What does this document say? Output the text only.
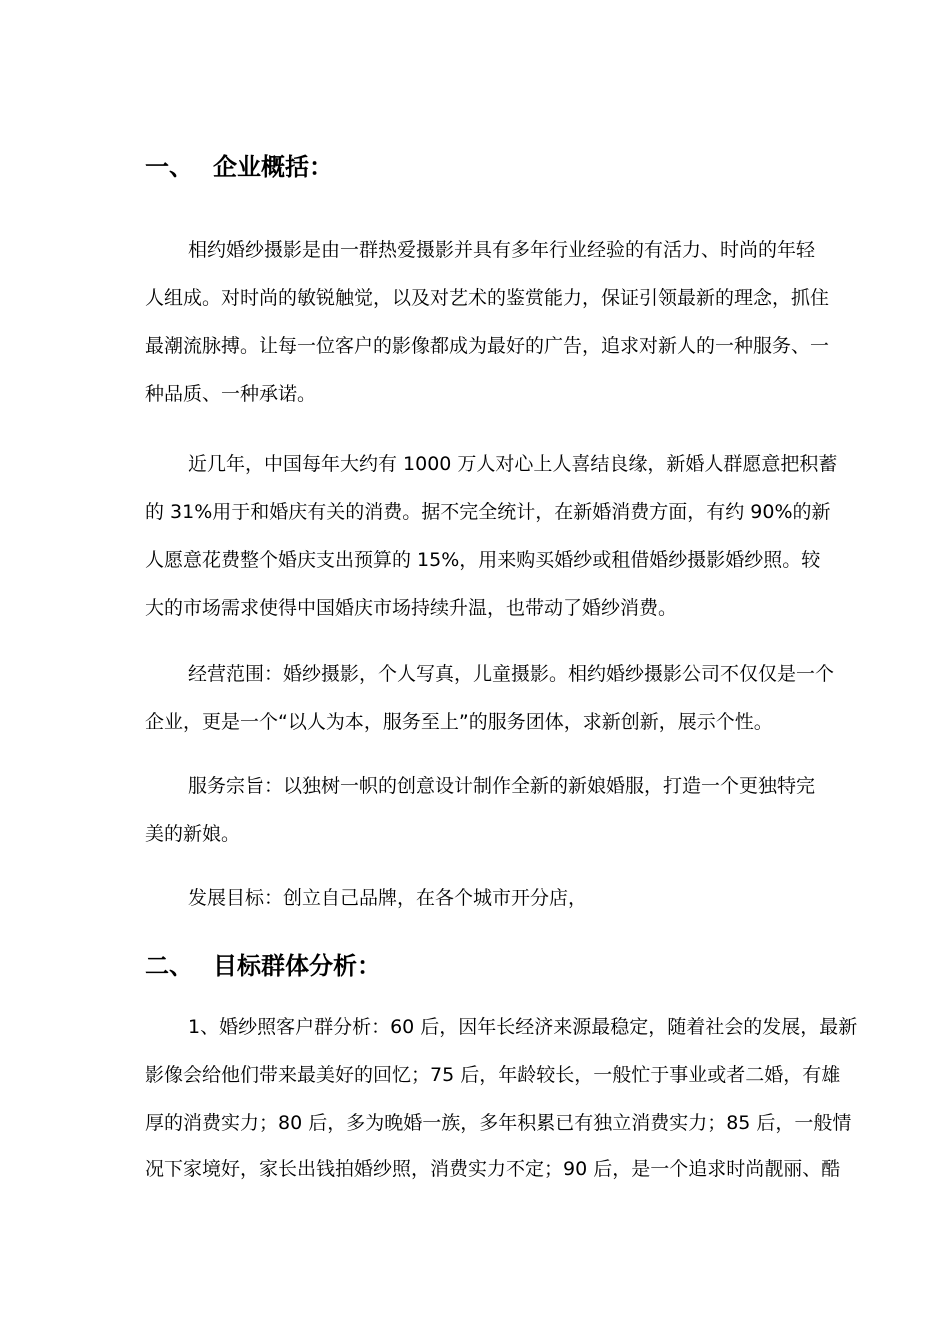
一、 企业概括：
相约婚纱摄影是由一群热爱摄影并具有多年行业经验的有活力、时尚的年轻
人组成。对时尚的敏锐触觉，以及对艺术的鉴赏能力，保证引领最新的理念，抓住
最潮流脉搏。让每一位客户的影像都成为最好的广告，追求对新人的一种服务、一
种品质、一种承诺。
近几年，中国每年大约有 1000 万人对心上人喜结良缘，新婚人群愿意把积蓄
的 31%用于和婚庆有关的消费。据不完全统计，在新婚消费方面，有约 90%的新
人愿意花费整个婚庆支出预算的 15%，用来购买婚纱或租借婚纱摄影婚纱照。较
大的市场需求使得中国婚庆市场持续升温，也带动了婚纱消费。
经营范围：婚纱摄影，个人写真，儿童摄影。相约婚纱摄影公司不仅仅是一个
企业，更是一个“以人为本，服务至上”的服务团体，求新创新，展示个性。
服务宗旨：以独树一帜的创意设计制作全新的新娘婚服，打造一个更独特完
美的新娘。
发展目标：创立自己品牌，在各个城市开分店，
二、 目标群体分析：
1、婚纱照客户群分析：60 后，因年长经济来源最稳定，随着社会的发展，最新
影像会给他们带来最美好的回忆；75 后，年龄较长，一般忙于事业或者二婚，有雄
厚的消费实力；80 后，多为晚婚一族，多年积累已有独立消费实力；85 后，一般情
况下家境好，家长出钱拍婚纱照，消费实力不定；90 后，是一个追求时尚靓丽、酷
